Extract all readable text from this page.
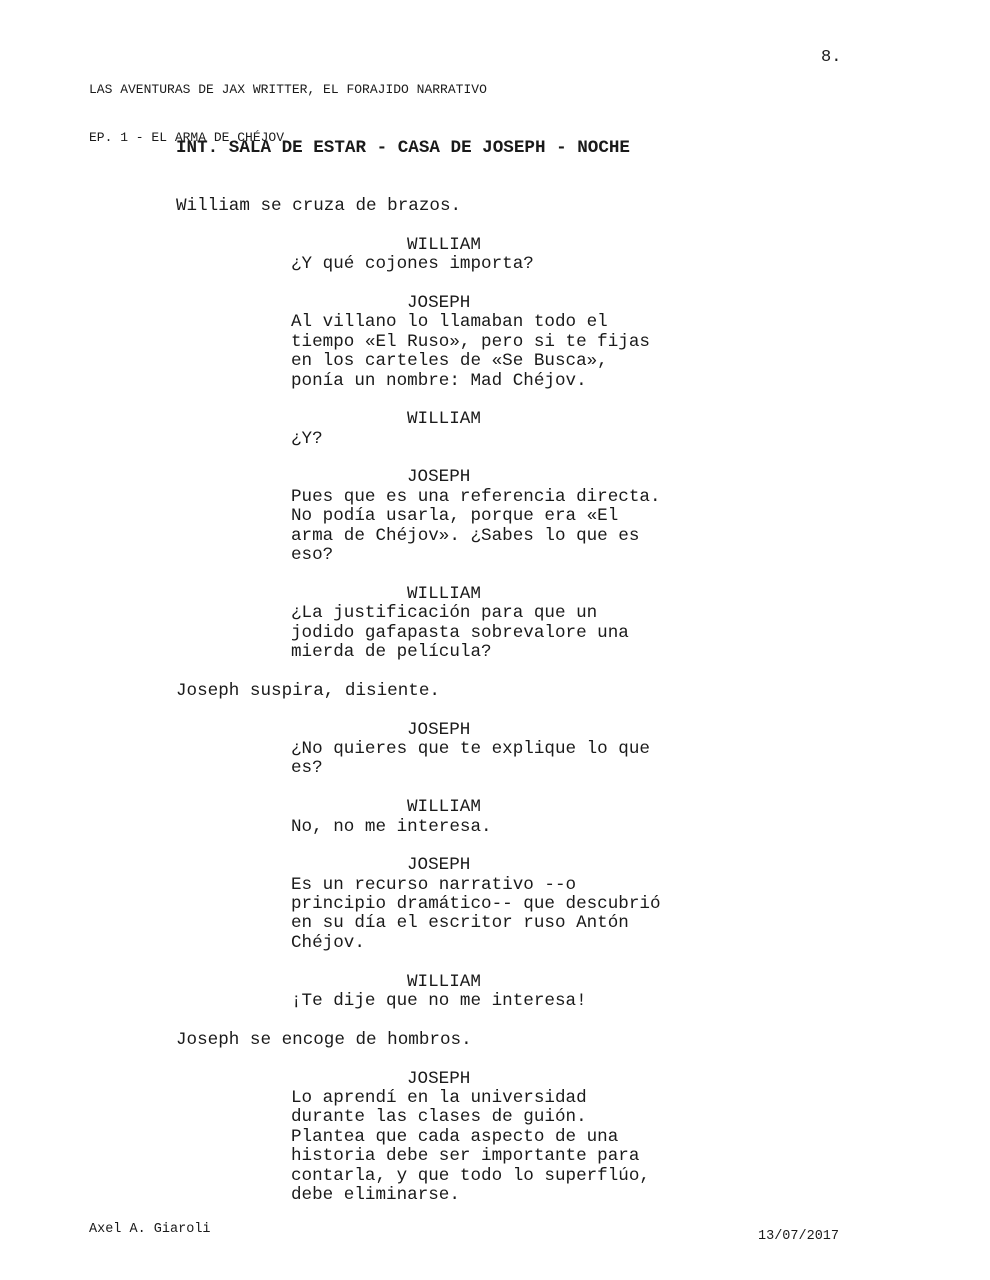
LAS AVENTURAS DE JAX WRITTER, EL FORAJIDO NARRATIVO

EP. 1 - EL ARMA DE CHÉJOV

8.

INT. SALA DE ESTAR - CASA DE JOSEPH - NOCHE

William se cruza de brazos.
WILLIAM
¿Y qué cojones importa?
JOSEPH
Al villano lo llamaban todo el
tiempo «El Ruso», pero si te fijas
en los carteles de «Se Busca»,
ponía un nombre: Mad Chéjov.
WILLIAM
¿Y?
JOSEPH
Pues que es una referencia directa.
No podía usarla, porque era «El
arma de Chéjov». ¿Sabes lo que es
eso?
WILLIAM
¿La justificación para que un
jodido gafapasta sobrevalore una
mierda de película?
Joseph suspira, disiente.
JOSEPH
¿No quieres que te explique lo que
es?
WILLIAM
No, no me interesa.
JOSEPH
Es un recurso narrativo --o
principio dramático-- que descubrió
en su día el escritor ruso Antón
Chéjov.
WILLIAM
¡Te dije que no me interesa!
Joseph se encoge de hombros.
JOSEPH
Lo aprendí en la universidad
durante las clases de guión.
Plantea que cada aspecto de una
historia debe ser importante para
contarla, y que todo lo superflúo,
debe eliminarse.
Axel A. Giaroli	13/07/2017
